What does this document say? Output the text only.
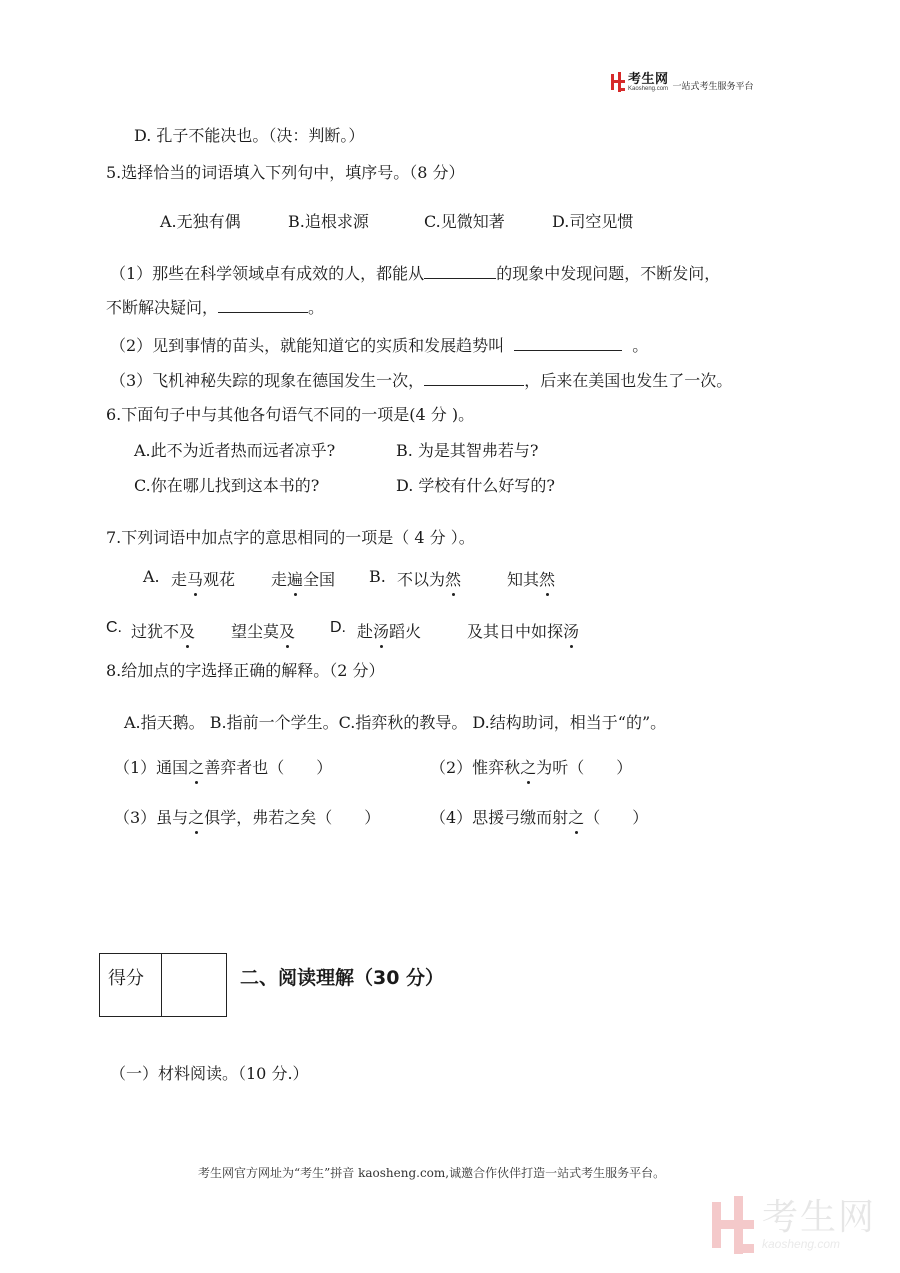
考生网
Kaosheng.com 一站式考生服务平台
D. 孔子不能决也。（决：判断。）
5.选择恰当的词语填入下列句中，填序号。（8 分）
A.无独有偶	B.追根求源	C.见微知著	D.司空见惯
（1）那些在科学领域卓有成效的人，都能从	的现象中发现问题，不断发问，
不断解决疑问，	。
（2）见到事情的苗头，就能知道它的实质和发展趋势叫	。
（3）飞机神秘失踪的现象在德国发生一次，	，后来在美国也发生了一次。
6.下面句子中与其他各句语气不同的一项是(4 分 )。
A.此不为近者热而远者凉乎?	B. 为是其智弗若与?
C.你在哪儿找到这本书的?	D. 学校有什么好写的?
7.下列词语中加点字的意思相同的一项是（ 4 分 ）。
A. 走马观花 走遍全国 B. 不以为然	知其然
C. 过犹不及 望尘莫及 D. 赴汤蹈火	及其日中如探汤
8.给加点的字选择正确的解释。（2 分）
A.指天鹅。 B.指前一个学生。C.指弈秋的教导。 D.结构助词，相当于“的”。
（1）通国之善弈者也（　　）	（2）惟弈秋之为听（　　）
（3）虽与之俱学，弗若之矣（　　）	（4）思援弓缴而射之（　　）
得分	二、阅读理解（30 分）
（一）材料阅读。（10 分.）
考生网官方网址为“考生”拼音 kaosheng.com,诚邀合作伙伴打造一站式考生服务平台。
考生网
kaosheng.com
